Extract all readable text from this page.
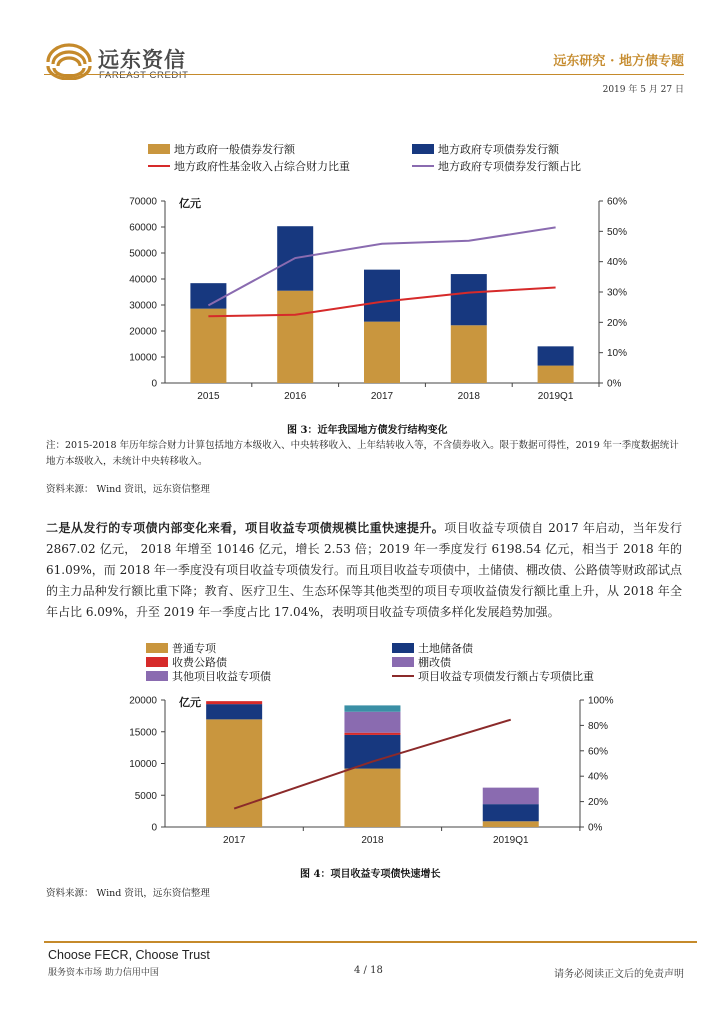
远东资信
FAREAST CREDIT
远东研究 · 地方债专题
2019 年 5 月 27 日
地方政府一般债券发行额	地方政府专项债券发行额
地方政府性基金收入占综合财力比重	地方政府专项债券发行额占比
0
10000
20000
30000
40000
50000
60000
70000
0%
10%
20%
30%
40%
50%
60%
亿元
2015	2016	2017	2018	2019Q1
图 3：近年我国地方债发行结构变化
注：2015-2018 年历年综合财力计算包括地方本级收入、中央转移收入、上年结转收入等，不含债券收入。限于数据可得性，2019 年一季度数据统计地方本级收入，未统计中央转移收入。
资料来源： Wind 资讯，远东资信整理
二是从发行的专项债内部变化来看，项目收益专项债规模比重快速提升。项目收益专项债自 2017 年启动，当年发行 2867.02 亿元， 2018 年增至 10146 亿元，增长 2.53 倍；2019 年一季度发行 6198.54 亿元，相当于 2018 年的 61.09%，而 2018 年一季度没有项目收益专项债发行。而且项目收益专项债中，土储债、棚改债、公路债等财政部试点的主力品种发行额比重下降；教育、医疗卫生、生态环保等其他类型的项目专项收益债发行额比重上升，从 2018 年全年占比 6.09%，升至 2019 年一季度占比 17.04%，表明项目收益专项债多样化发展趋势加强。
普通专项	土地储备债
收费公路债	棚改债
其他项目收益专项债	项目收益专项债发行额占专项债比重
0
5000
10000
15000
20000
0%
20%
40%
60%
80%
100%
亿元
2017	2018	2019Q1
图 4：项目收益专项债快速增长
资料来源： Wind 资讯，远东资信整理
Choose FECR, Choose Trust
服务资本市场 助力信用中国	4 / 18	请务必阅读正文后的免责声明
